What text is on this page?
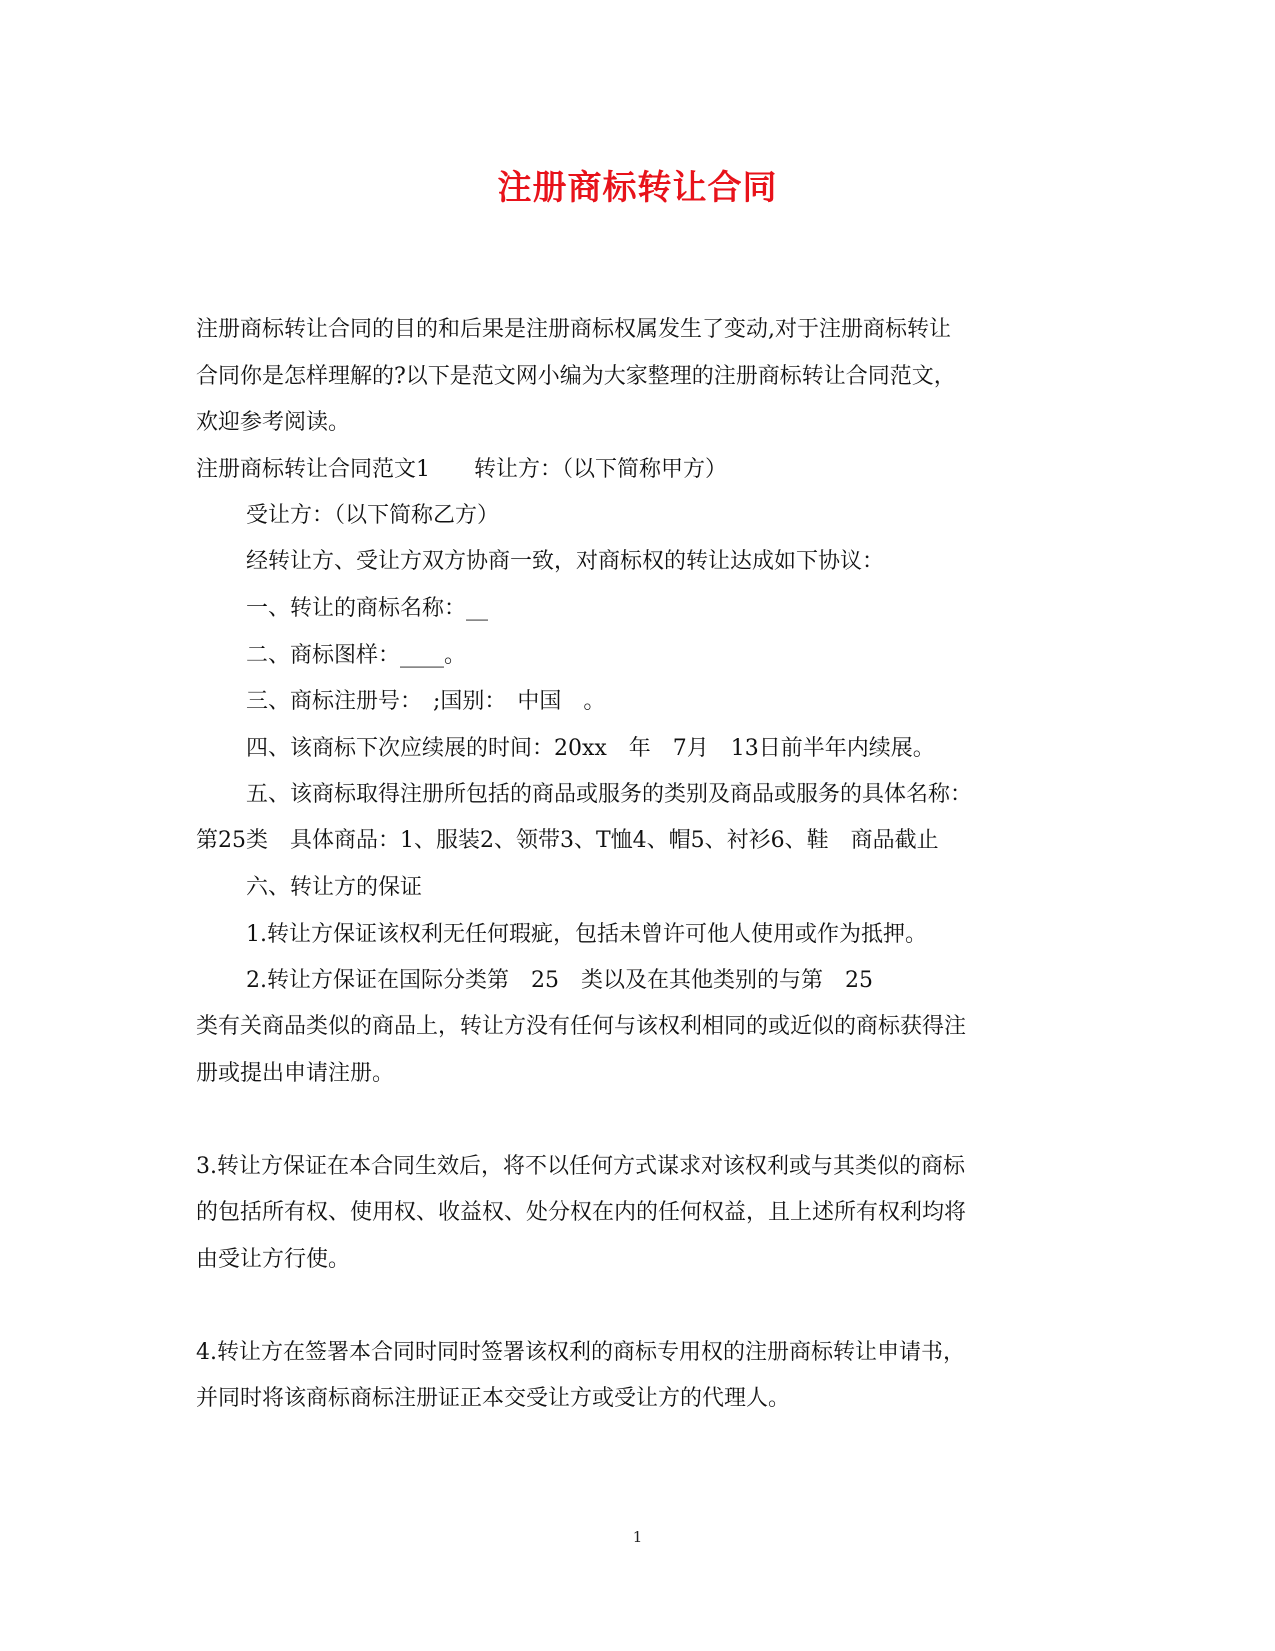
注册商标转让合同

注册商标转让合同的目的和后果是注册商标权属发生了变动,对于注册商标转让

合同你是怎样理解的?以下是范文网小编为大家整理的注册商标转让合同范文，

欢迎参考阅读。

注册商标转让合同范文1　　转让方：（以下简称甲方）

受让方：（以下简称乙方）

经转让方、受让方双方协商一致，对商标权的转让达成如下协议：

一、转让的商标名称：__

二、商标图样：____。

三、商标注册号：　;国别：　中国　。

四、该商标下次应续展的时间：20xx　年　7月　13日前半年内续展。

五、该商标取得注册所包括的商品或服务的类别及商品或服务的具体名称：

第25类　具体商品：1、服装2、领带3、T恤4、帽5、衬衫6、鞋　商品截止

六、转让方的保证

1.转让方保证该权利无任何瑕疵，包括未曾许可他人使用或作为抵押。

2.转让方保证在国际分类第　25　类以及在其他类别的与第　25

类有关商品类似的商品上，转让方没有任何与该权利相同的或近似的商标获得注

册或提出申请注册。

3.转让方保证在本合同生效后，将不以任何方式谋求对该权利或与其类似的商标

的包括所有权、使用权、收益权、处分权在内的任何权益，且上述所有权利均将

由受让方行使。

4.转让方在签署本合同时同时签署该权利的商标专用权的注册商标转让申请书，

并同时将该商标商标注册证正本交受让方或受让方的代理人。

1
